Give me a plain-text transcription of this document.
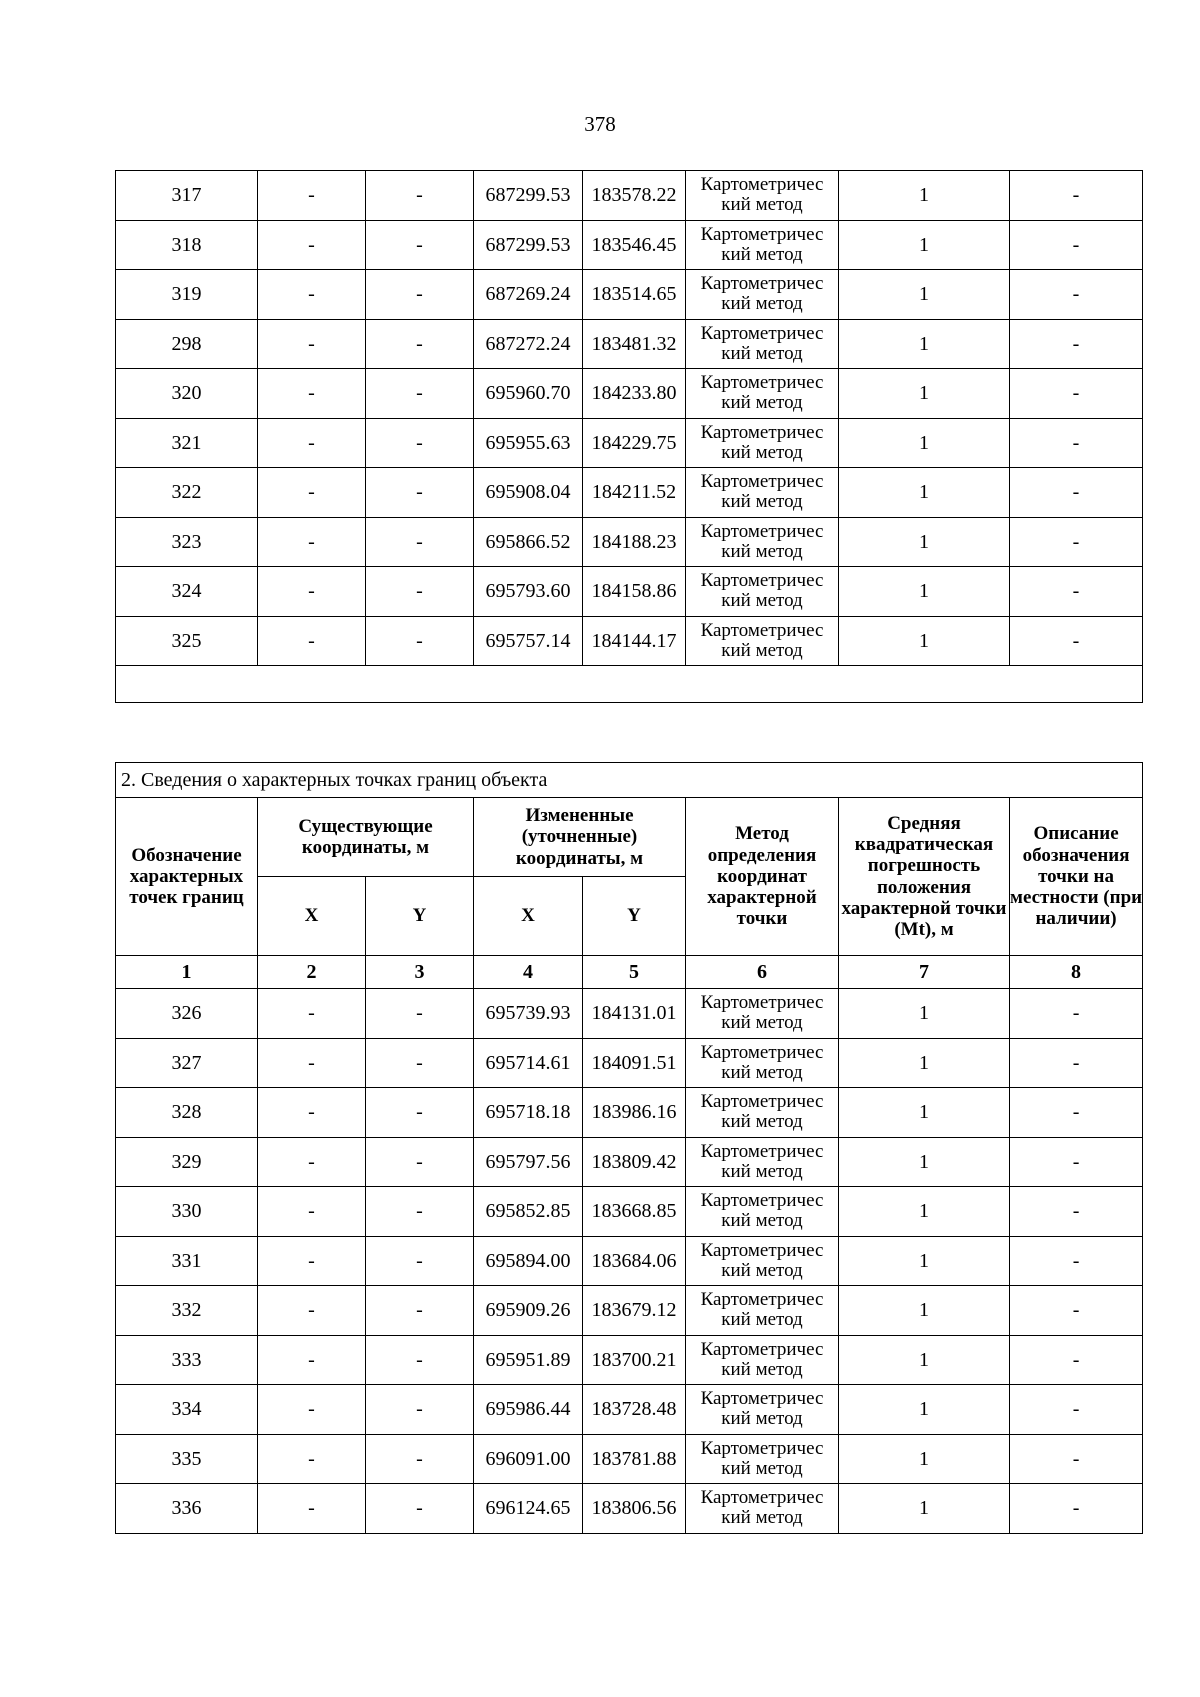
378
317	-	-	687299.53	183578.22	Картометричес кий метод	1	-
318	-	-	687299.53	183546.45	Картометричес кий метод	1	-
319	-	-	687269.24	183514.65	Картометричес кий метод	1	-
298	-	-	687272.24	183481.32	Картометричес кий метод	1	-
320	-	-	695960.70	184233.80	Картометричес кий метод	1	-
321	-	-	695955.63	184229.75	Картометричес кий метод	1	-
322	-	-	695908.04	184211.52	Картометричес кий метод	1	-
323	-	-	695866.52	184188.23	Картометричес кий метод	1	-
324	-	-	695793.60	184158.86	Картометричес кий метод	1	-
325	-	-	695757.14	184144.17	Картометричес кий метод	1	-

2. Сведения о характерных точках границ объекта							
Обозначение характерных точек границ	Существующие координаты, м		Измененные (уточненные) координаты, м		Метод определения координат характерной точки	Средняя квадратическая погрешность положения характерной точки (Mt), м	Описание обозначения точки на местности (при наличии)
	X	Y	X	Y			
1	2	3	4	5	6	7	8
326	-	-	695739.93	184131.01	Картометричес кий метод	1	-
327	-	-	695714.61	184091.51	Картометричес кий метод	1	-
328	-	-	695718.18	183986.16	Картометричес кий метод	1	-
329	-	-	695797.56	183809.42	Картометричес кий метод	1	-
330	-	-	695852.85	183668.85	Картометричес кий метод	1	-
331	-	-	695894.00	183684.06	Картометричес кий метод	1	-
332	-	-	695909.26	183679.12	Картометричес кий метод	1	-
333	-	-	695951.89	183700.21	Картометричес кий метод	1	-
334	-	-	695986.44	183728.48	Картометричес кий метод	1	-
335	-	-	696091.00	183781.88	Картометричес кий метод	1	-
336	-	-	696124.65	183806.56	Картометричес кий метод	1	-
